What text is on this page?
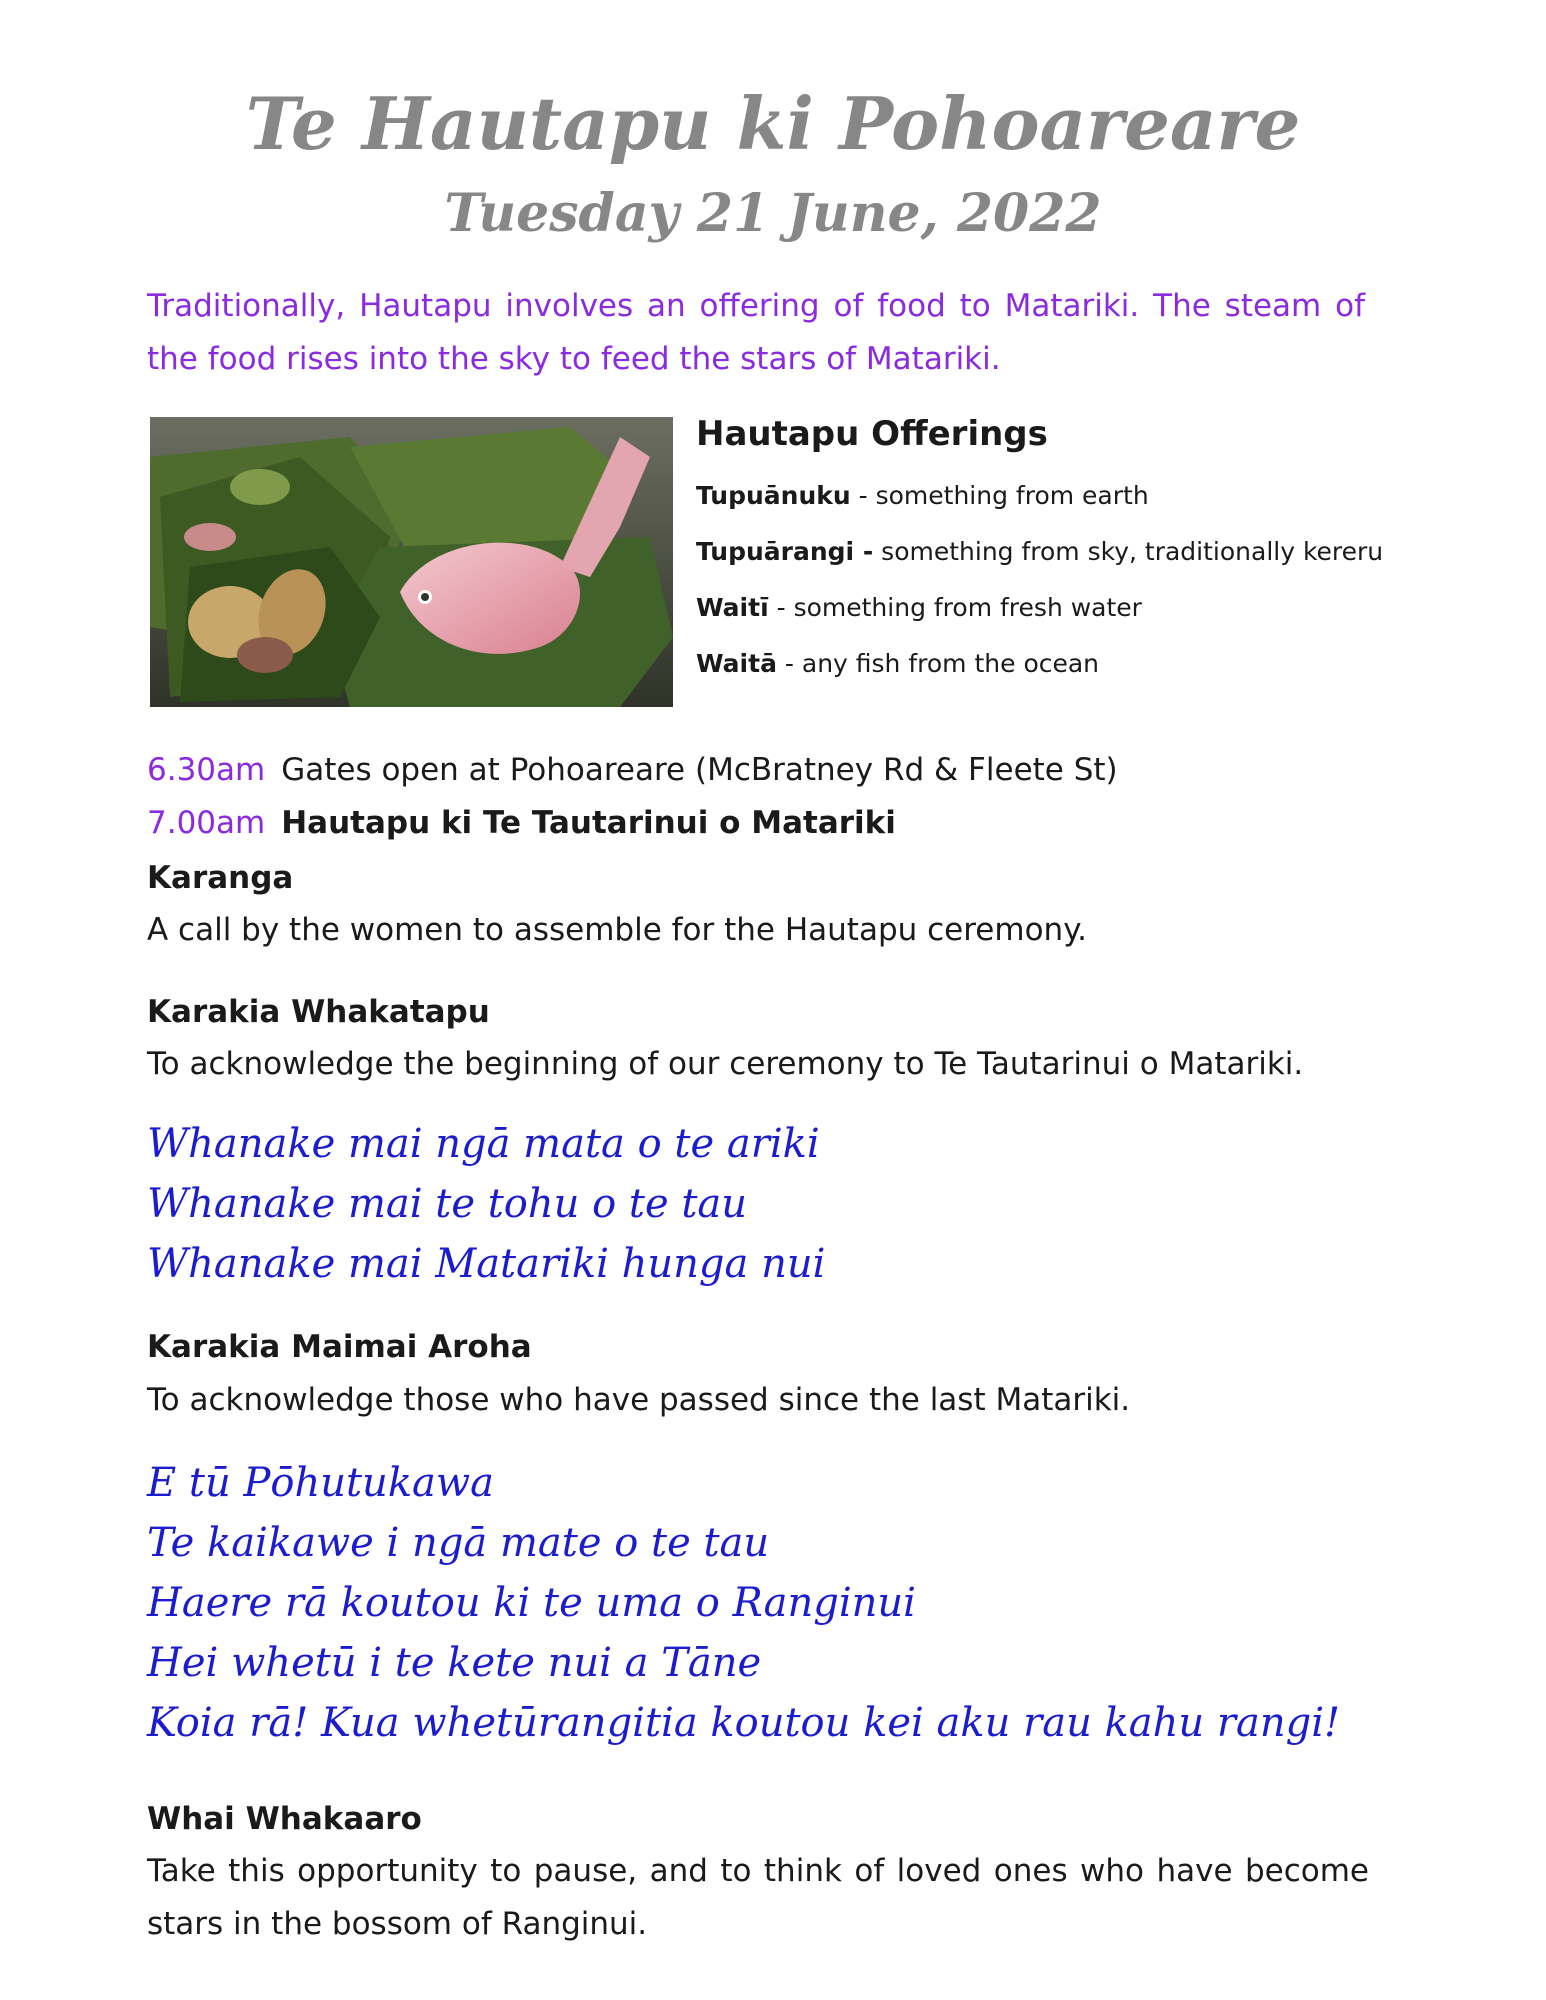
Te Hautapu ki Pohoareare
Tuesday 21 June, 2022

Traditionally, Hautapu involves an offering of food to Matariki. The steam of the food rises into the sky to feed the stars of Matariki.

Hautapu Offerings
Tupuānuku - something from earth
Tupuārangi - something from sky, traditionally kereru
Waitī - something from fresh water
Waitā - any fish from the ocean
6.30am Gates open at Pohoareare (McBratney Rd & Fleete St)
7.00am Hautapu ki Te Tautarinui o Matariki
Karanga
A call by the women to assemble for the Hautapu ceremony.
Karakia Whakatapu
To acknowledge the beginning of our ceremony to Te Tautarinui o Matariki.
Whanake mai ngā mata o te ariki
Whanake mai te tohu o te tau
Whanake mai Matariki hunga nui
Karakia Maimai Aroha
To acknowledge those who have passed since the last Matariki.
E tū Pōhutukawa
Te kaikawe i ngā mate o te tau
Haere rā koutou ki te uma o Ranginui
Hei whetū i te kete nui a Tāne
Koia rā! Kua whetūrangitia koutou kei aku rau kahu rangi!
Whai Whakaaro
Take this opportunity to pause, and to think of loved ones who have become stars in the bossom of Ranginui.
